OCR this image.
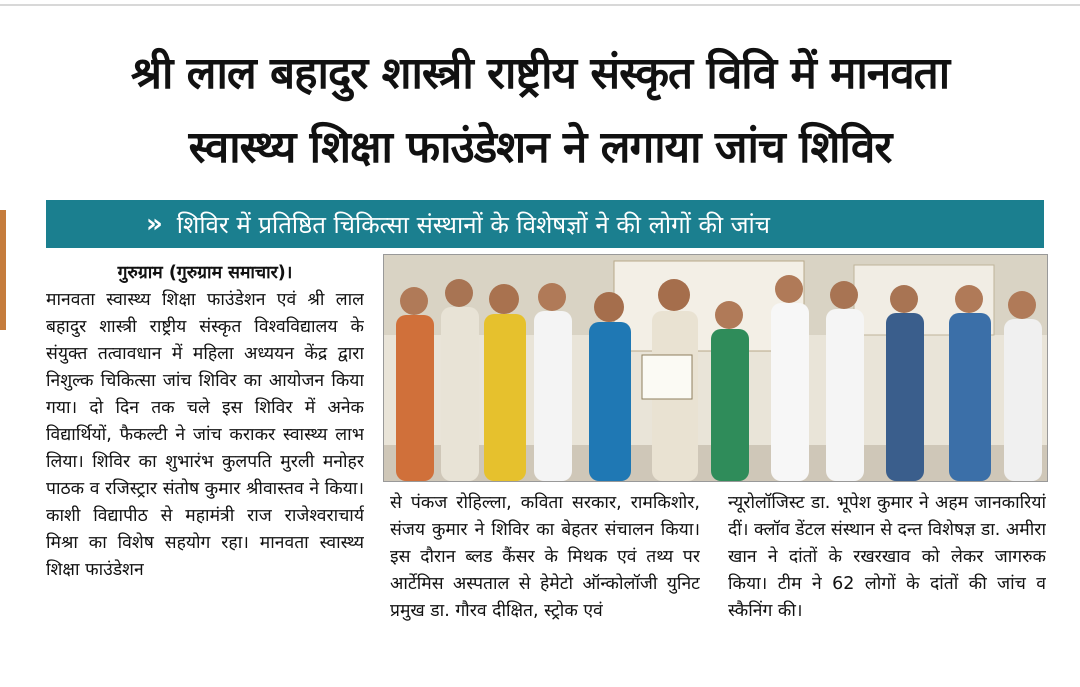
श्री लाल बहादुर शास्त्री राष्ट्रीय संस्कृत विवि में मानवता
स्वास्थ्य शिक्षा फाउंडेशन ने लगाया जांच शिविर
» शिविर में प्रतिष्ठित चिकित्सा संस्थानों के विशेषज्ञों ने की लोगों की जांच
गुरुग्राम (गुरुग्राम समाचार)।
मानवता स्वास्थ्य शिक्षा फाउंडेशन एवं श्री लाल बहादुर शास्त्री राष्ट्रीय संस्कृत विश्वविद्यालय के संयुक्त तत्वावधान में महिला अध्ययन केंद्र द्वारा निशुल्क चिकित्सा जांच शिविर का आयोजन किया गया। दो दिन तक चले इस शिविर में अनेक विद्यार्थियों, फैकल्टी ने जांच कराकर स्वास्थ्य लाभ लिया। शिविर का शुभारंभ कुलपति मुरली मनोहर पाठक व रजिस्ट्रार संतोष कुमार श्रीवास्तव ने किया। काशी विद्यापीठ से महामंत्री राज राजेश्वराचार्य मिश्रा का विशेष सहयोग रहा। मानवता स्वास्थ्य शिक्षा फाउंडेशन
से पंकज रोहिल्ला, कविता सरकार, रामकिशोर, संजय कुमार ने शिविर का बेहतर संचालन किया। इस दौरान ब्लड कैंसर के मिथक एवं तथ्य पर आर्टेमिस अस्पताल से हेमेटो ऑन्कोलॉजी युनिट प्रमुख डा. गौरव दीक्षित, स्ट्रोक एवं
न्यूरोलॉजिस्ट डा. भूपेश कुमार ने अहम जानकारियां दीं। क्लॉव डेंटल संस्थान से दन्त विशेषज्ञ डा. अमीरा खान ने दांतों के रखरखाव को लेकर जागरुक किया। टीम ने 62 लोगों के दांतों की जांच व स्कैनिंग की।
